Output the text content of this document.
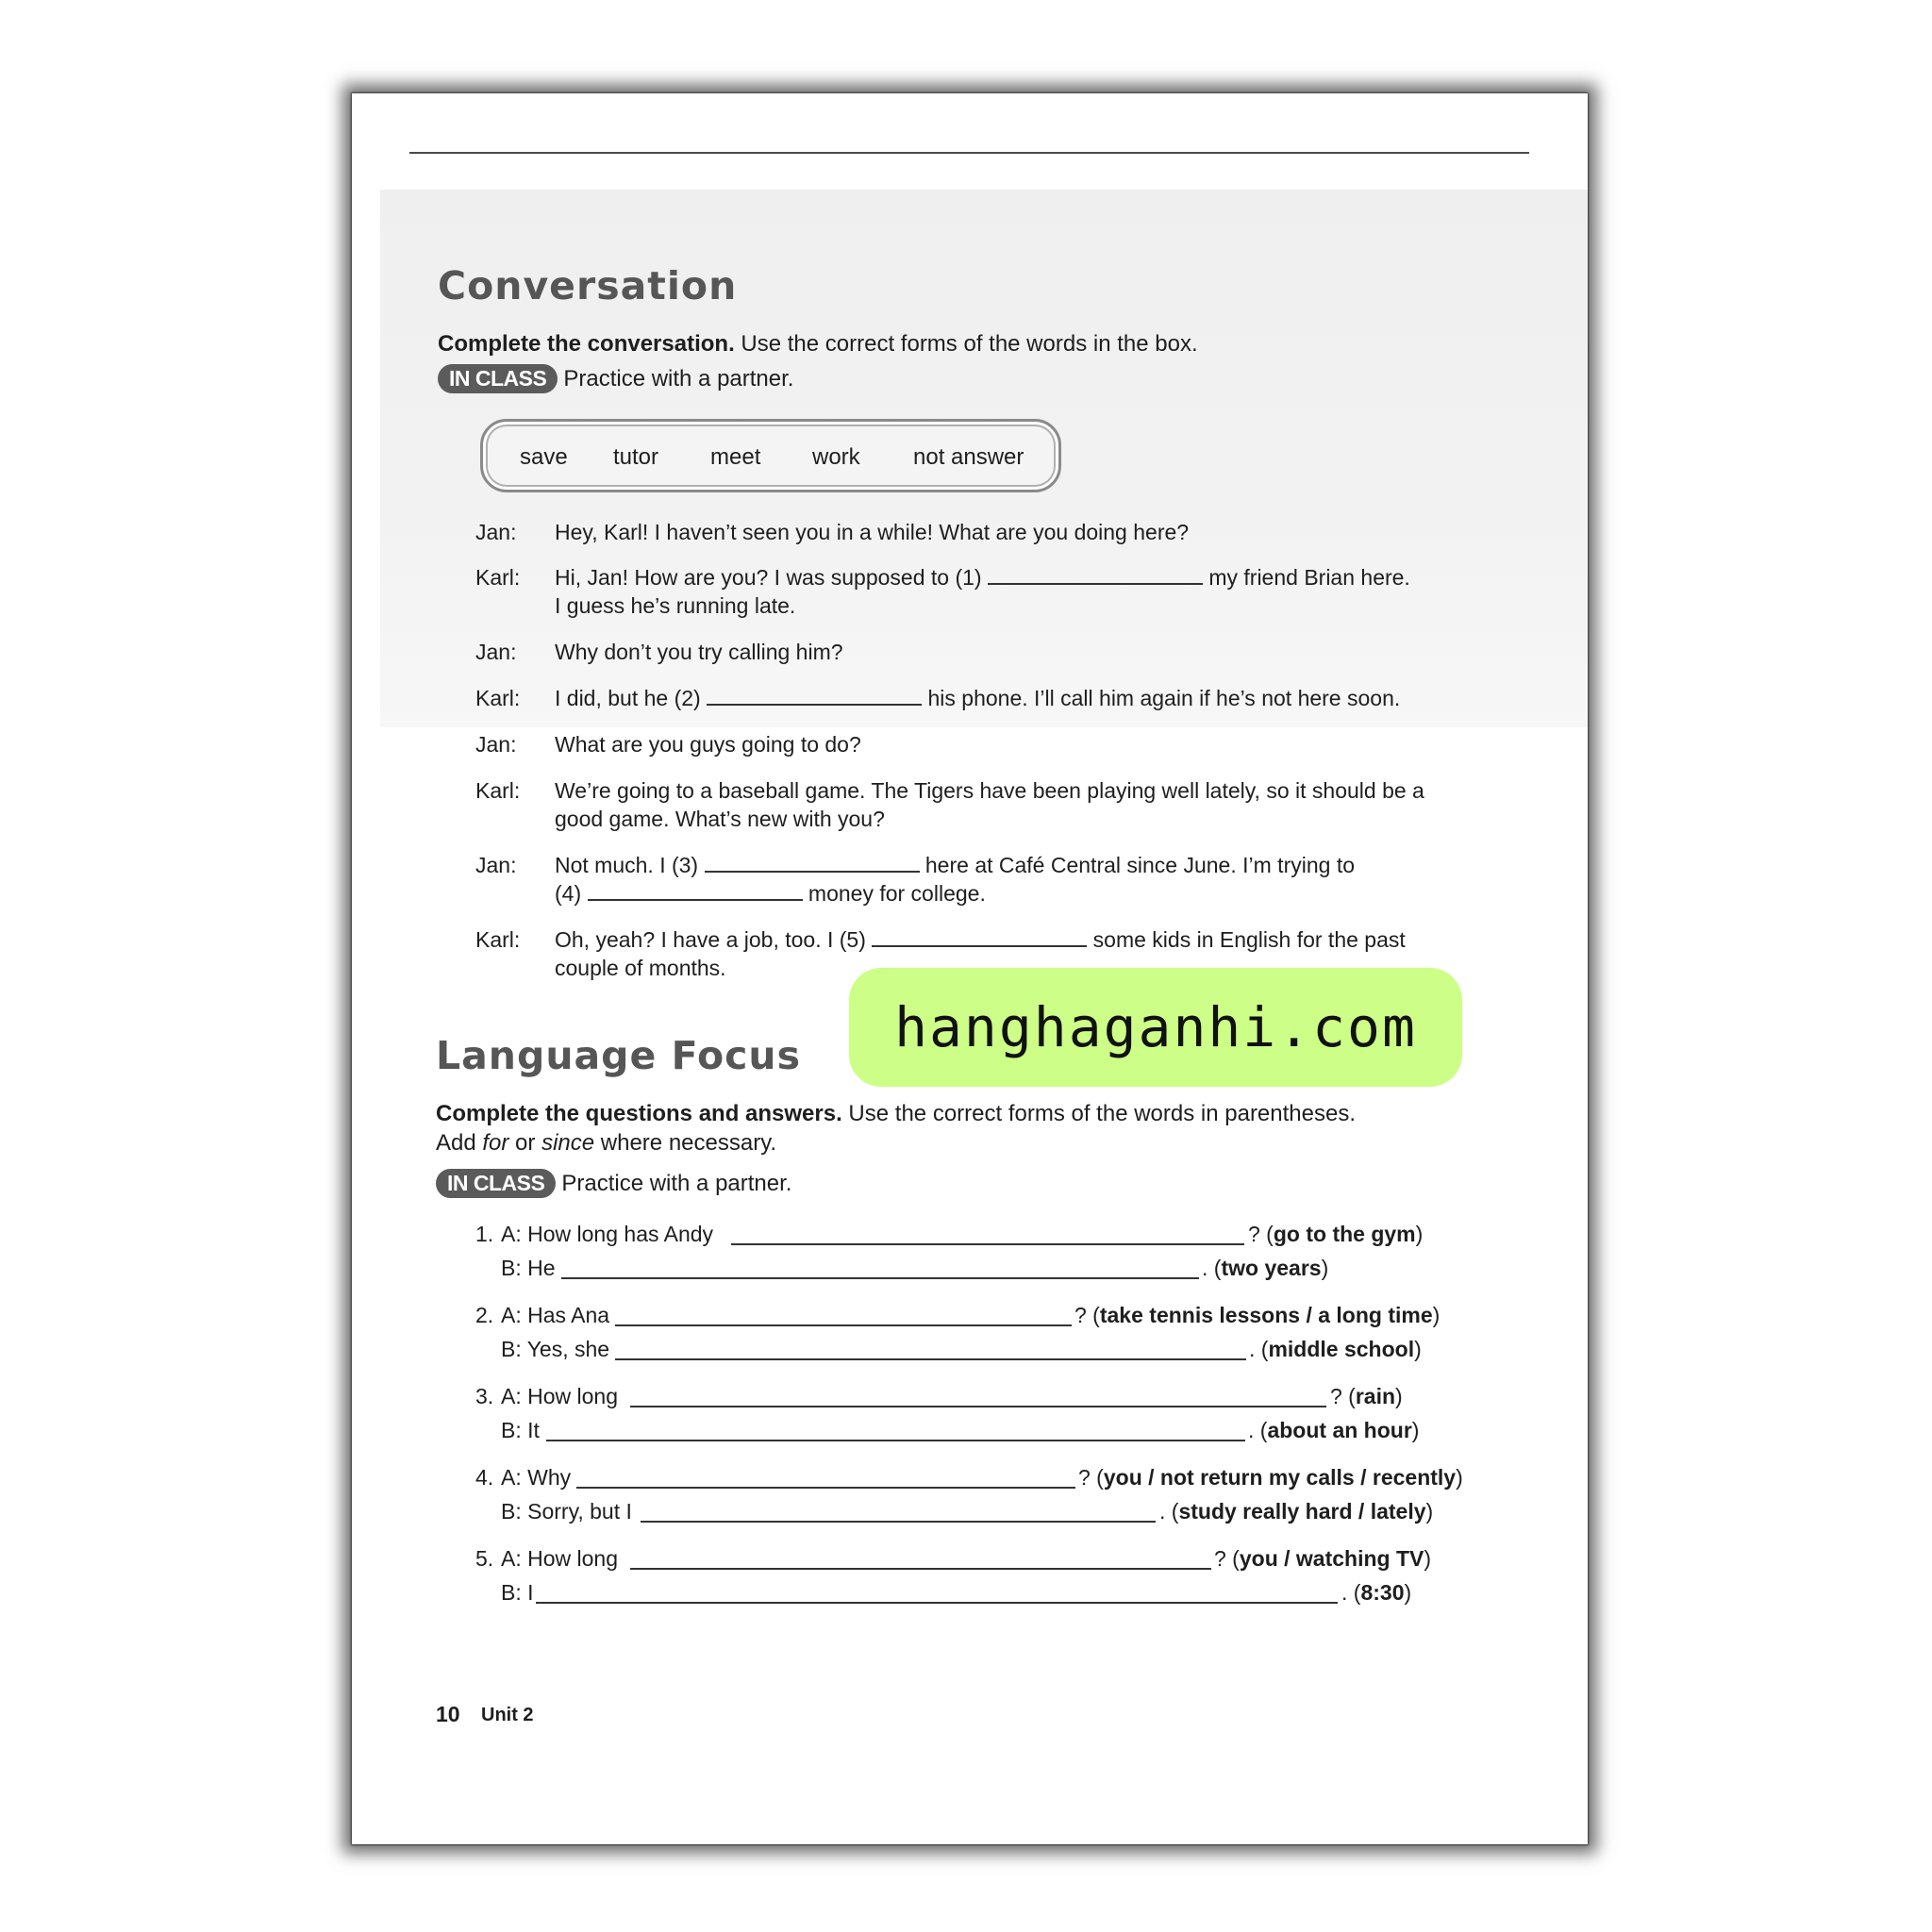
Conversation
Complete the conversation. Use the correct forms of the words in the box.
IN CLASS Practice with a partner.
save tutor meet work not answer
Jan: Hey, Karl! I haven’t seen you in a while! What are you doing here?
Karl: Hi, Jan! How are you? I was supposed to (1)	my friend Brian here.
I guess he’s running late.
Jan: Why don’t you try calling him?
Karl: I did, but he (2)	his phone. I’ll call him again if he’s not here soon.
Jan: What are you guys going to do?
Karl: We’re going to a baseball game. The Tigers have been playing well lately, so it should be a
good game. What’s new with you?
Jan: Not much. I (3)	here at Café Central since June. I’m trying to
(4)	money for college.
Karl: Oh, yeah? I have a job, too. I (5)	some kids in English for the past
couple of months.
Language Focus
Complete the questions and answers. Use the correct forms of the words in parentheses.
Add for or since where necessary.
IN CLASS Practice with a partner.
1. A: How long has Andy	? (go to the gym)
B: He	. (two years)
2. A: Has Ana	? (take tennis lessons / a long time)
B: Yes, she	. (middle school)
3. A: How long	? (rain)
B: It	. (about an hour)
4. A: Why	? (you / not return my calls / recently)
B: Sorry, but I	. (study really hard / lately)
5. A: How long	? (you / watching TV)
B: I	. (8:30)
10 Unit 2
hanghaganhi.com
